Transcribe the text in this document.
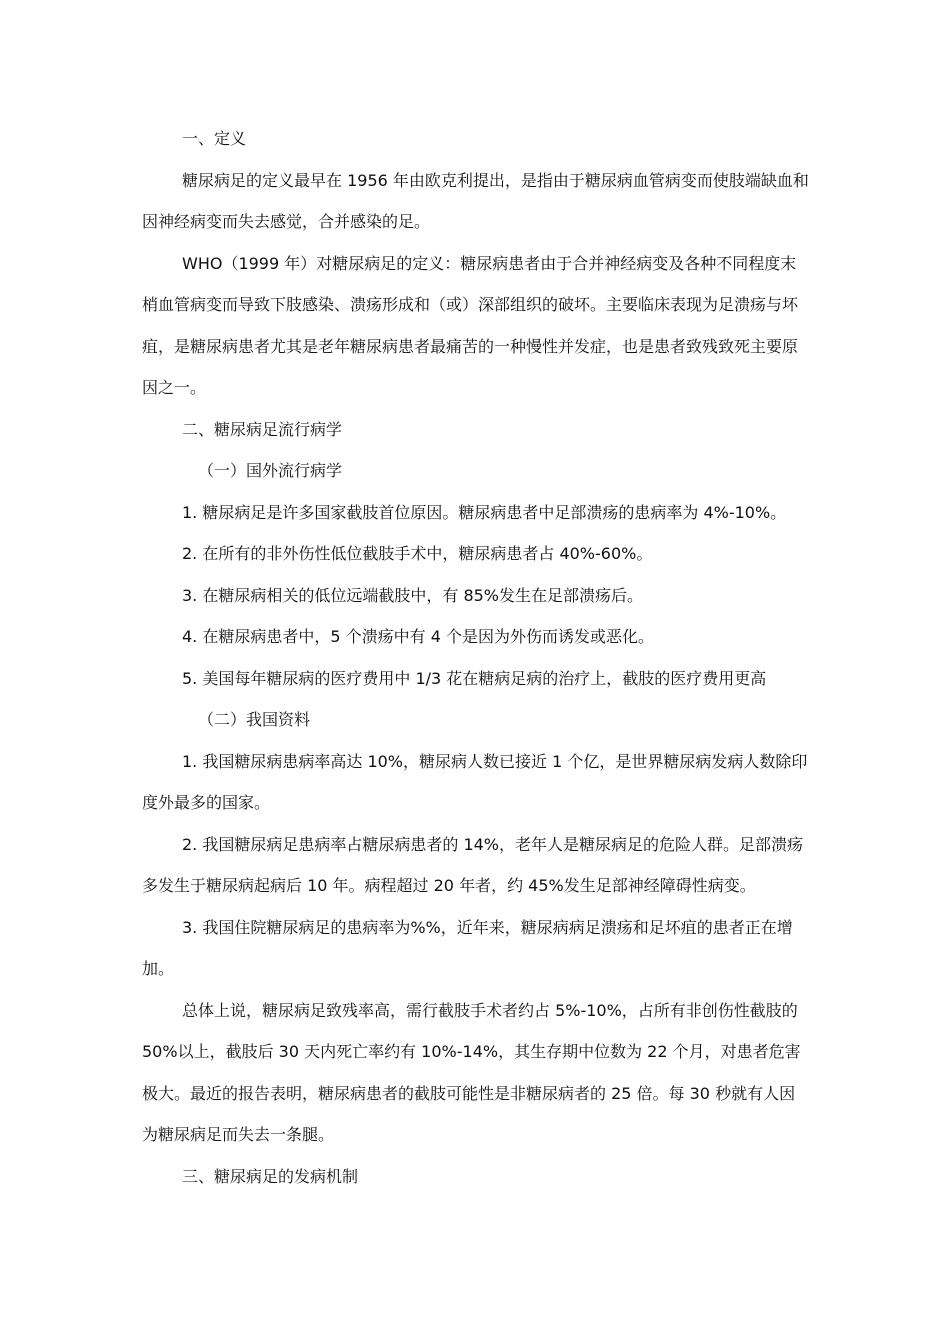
一、定义

糖尿病足的定义最早在 1956 年由欧克利提出，是指由于糖尿病血管病变而使肢端缺血和因神经病变而失去感觉，合并感染的足。

WHO（1999 年）对糖尿病足的定义：糖尿病患者由于合并神经病变及各种不同程度末梢血管病变而导致下肢感染、溃疡形成和（或）深部组织的破坏。主要临床表现为足溃疡与坏疽，是糖尿病患者尤其是老年糖尿病患者最痛苦的一种慢性并发症，也是患者致残致死主要原因之一。

二、糖尿病足流行病学

（一）国外流行病学

1. 糖尿病足是许多国家截肢首位原因。糖尿病患者中足部溃疡的患病率为 4%-10%。

2. 在所有的非外伤性低位截肢手术中，糖尿病患者占 40%-60%。

3. 在糖尿病相关的低位远端截肢中，有 85%发生在足部溃疡后。

4. 在糖尿病患者中，5 个溃疡中有 4 个是因为外伤而诱发或恶化。

5. 美国每年糖尿病的医疗费用中 1/3 花在糖病足病的治疗上，截肢的医疗费用更高

（二）我国资料

1. 我国糖尿病患病率高达 10%，糖尿病人数已接近 1 个亿，是世界糖尿病发病人数除印度外最多的国家。

2. 我国糖尿病足患病率占糖尿病患者的 14%，老年人是糖尿病足的危险人群。足部溃疡多发生于糖尿病起病后 10 年。病程超过 20 年者，约 45%发生足部神经障碍性病变。

3. 我国住院糖尿病足的患病率为%%，近年来，糖尿病病足溃疡和足坏疽的患者正在增加。

总体上说，糖尿病足致残率高，需行截肢手术者约占 5%-10%，占所有非创伤性截肢的 50%以上，截肢后 30 天内死亡率约有 10%-14%，其生存期中位数为 22 个月，对患者危害极大。最近的报告表明，糖尿病患者的截肢可能性是非糖尿病者的 25 倍。每 30 秒就有人因为糖尿病足而失去一条腿。

三、糖尿病足的发病机制
